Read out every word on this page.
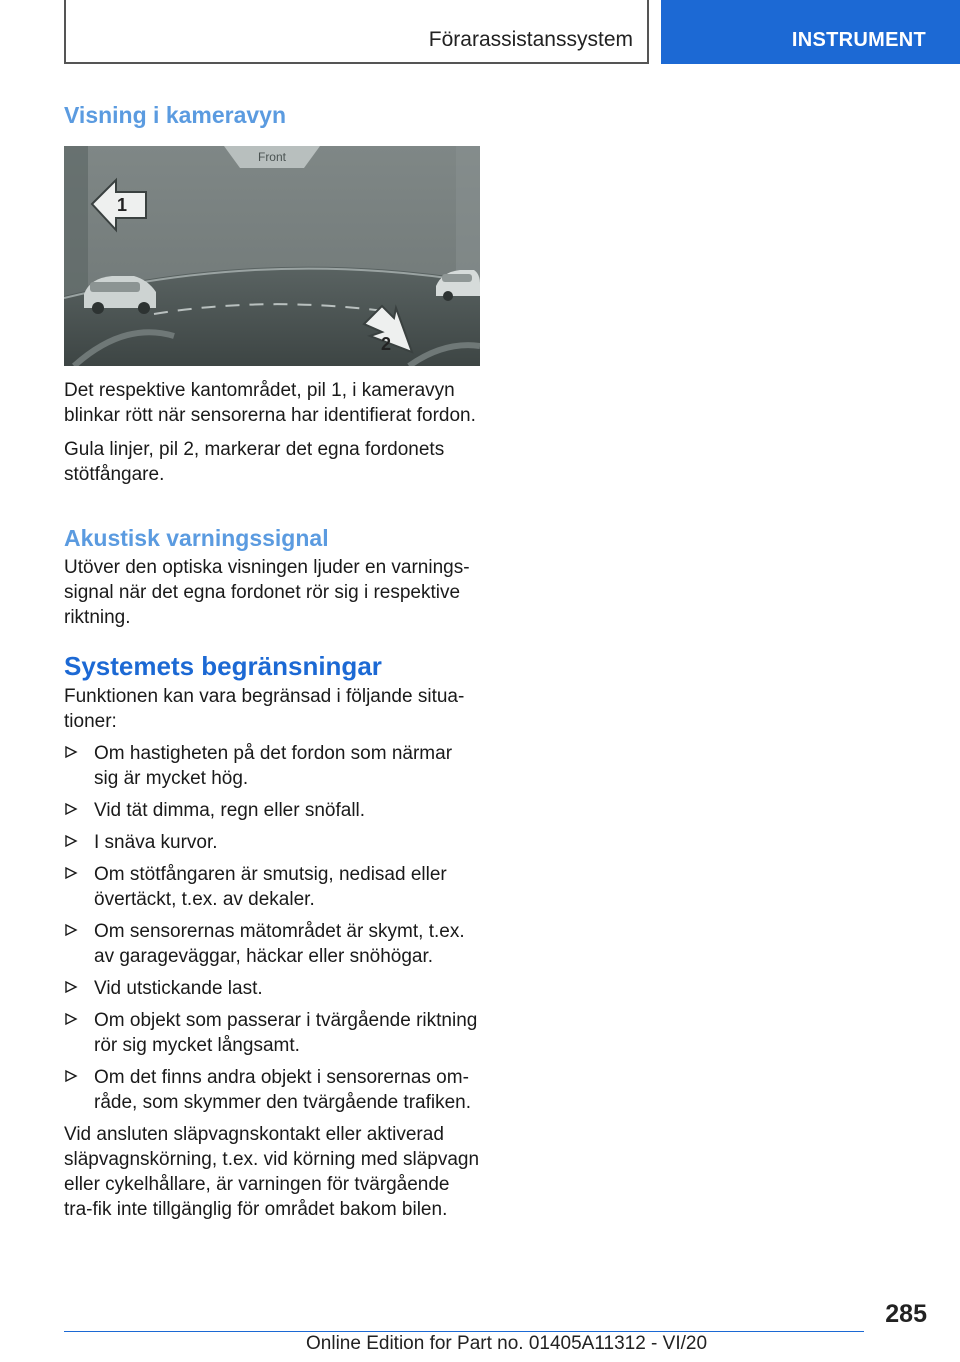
Förarassistanssystem	INSTRUMENT
Visning i kameravyn
Front
1
2

Det respektive kantområdet, pil 1, i kameravyn blinkar rött när sensorerna har identifierat fordon.

Gula linjer, pil 2, markerar det egna fordonets stötfångare.

Akustisk varningssignal

Utöver den optiska visningen ljuder en varnings-signal när det egna fordonet rör sig i respektive riktning.

Systemets begränsningar

Funktionen kan vara begränsad i följande situa-tioner:

Om hastigheten på det fordon som närmar sig är mycket hög.
Vid tät dimma, regn eller snöfall.
I snäva kurvor.
Om stötfångaren är smutsig, nedisad eller övertäckt, t.ex. av dekaler.
Om sensorernas mätområdet är skymt, t.ex. av garageväggar, häckar eller snöhögar.
Vid utstickande last.
Om objekt som passerar i tvärgående riktning rör sig mycket långsamt.
Om det finns andra objekt i sensorernas om-råde, som skymmer den tvärgående trafiken.

Vid ansluten släpvagnskontakt eller aktiverad släpvagnskörning, t.ex. vid körning med släpvagn eller cykelhållare, är varningen för tvärgående tra-fik inte tillgänglig för området bakom bilen.

285
Online Edition for Part no. 01405A11312 - VI/20
